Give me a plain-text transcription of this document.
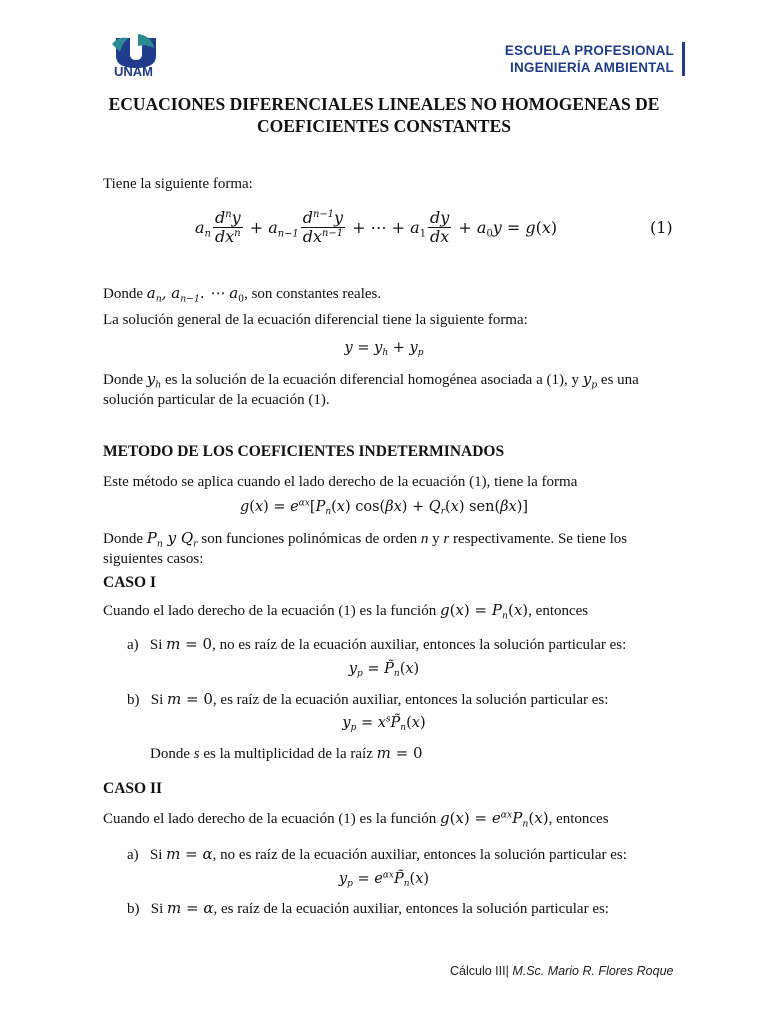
UNAM
ESCUELA PROFESIONAL
INGENIERÍA AMBIENTAL
ECUACIONES DIFERENCIALES LINEALES NO HOMOGENEAS DE
COEFICIENTES CONSTANTES
Tiene la siguiente forma:
$a_n \frac{d^ny}{dx^n} + a_{n-1} \frac{d^{n-1}y}{dx^{n-1}}$ + ⋯ + $a_1 \frac{dy}{dx} + a_0y = g(x)$	(1)
Donde $a_n$, $a_{n-1}$. ⋯ $a_0$, son constantes reales.
La solución general de la ecuación diferencial tiene la siguiente forma:
$y = y_h + y_p$
Donde $y_h$ es la solución de la ecuación diferencial homogénea asociada a (1), y $y_p$ es una
solución particular de la ecuación (1).
METODO DE LOS COEFICIENTES INDETERMINADOS
Este método se aplica cuando el lado derecho de la ecuación (1), tiene la forma
$g(x) = e^{\alpha x}[P_n(x) \cos(\beta x) + Q_r(x)$ sen(βx)]
Donde $P_n$ y $Q_r$ son funciones polinómicas de orden n y r respectivamente. Se tiene los
siguientes casos:
CASO I
Cuando el lado derecho de la ecuación (1) es la función $g(x) = P_n(x)$, entonces
a) Si m = 0, no es raíz de la ecuación auxiliar, entonces la solución particular es:
$y_p$ = $P̃_n(x)$
b) Si m = 0, es raíz de la ecuación auxiliar, entonces la solución particular es:
$y_p$ = $x^sP̃_n(x)$
Donde s es la multiplicidad de la raíz m = 0
CASO II
Cuando el lado derecho de la ecuación (1) es la función $g(x) = e^{\alpha x}P_n(x)$, entonces
a) Si m = α, no es raíz de la ecuación auxiliar, entonces la solución particular es:
$y_p$ = $e^{\alpha x}P̃_n(x)$
b) Si m = α, es raíz de la ecuación auxiliar, entonces la solución particular es:
Cálculo III| M.Sc. Mario R. Flores Roque
